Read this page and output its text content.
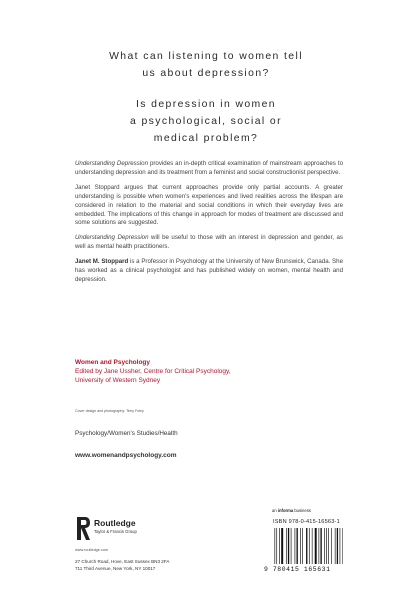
What can listening to women tell
us about depression?
Is depression in women
a psychological, social or
medical problem?

Understanding Depression provides an in-depth critical examination of mainstream approaches to understanding depression and its treatment from a feminist and social constructionist perspective.

Janet Stoppard argues that current approaches provide only partial accounts. A greater understanding is possible when women's experiences and lived realities across the lifespan are considered in relation to the material and social conditions in which their everyday lives are embedded. The implications of this change in approach for modes of treatment are discussed and some solutions are suggested.

Understanding Depression will be useful to those with an interest in depression and gender, as well as mental health practitioners.

Janet M. Stoppard is a Professor in Psychology at the University of New Brunswick, Canada. She has worked as a clinical psychologist and has published widely on women, mental health and depression.

Women and Psychology
Edited by Jane Ussher, Centre for Critical Psychology,
University of Western Sydney
Cover design and photography: Terry Foley
Psychology/Women's Studies/Health
www.womenandpsychology.com
an informa business
Routledge
Taylor & Francis Group
www.routledge.com
27 Church Road, Hove, East Sussex BN3 2FA
711 Third Avenue, New York, NY 10017
ISBN 978-0-415-16563-1
9 780415 165631
